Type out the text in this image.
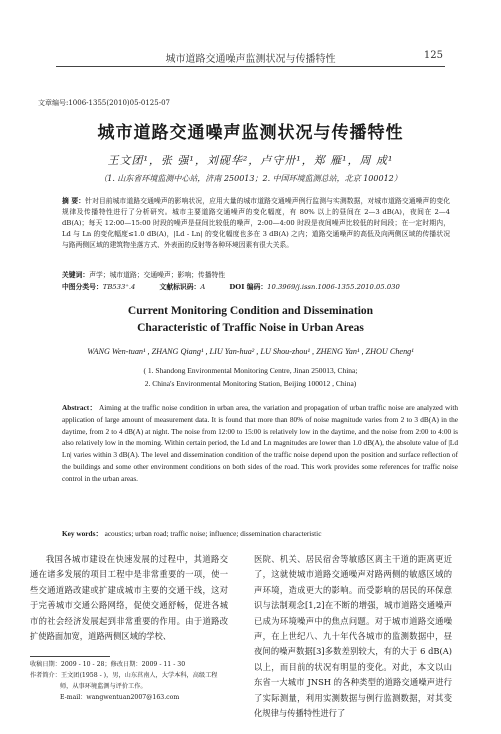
城市道路交通噪声监测状况与传播特性	125
文章编号:1006-1355(2010)05-0125-07
城市道路交通噪声监测状况与传播特性
王文团¹，张 强¹，刘砚华²，卢守卅¹，郑 雁¹，周 成¹
（1. 山东省环境监测中心站，济南 250013；2. 中国环境监测总站，北京 100012）
摘 要：针对目前城市道路交通噪声的影响状况，应用大量的城市道路交通噪声例行监测与实测数据，对城市道路交通噪声的变化规律及传播特性进行了分析研究。城市主要道路交通噪声的变化幅度，有 80% 以上的昼间在 2—3 dB(A)，夜间在 2—4 dB(A)；每天 12:00—15:00 时段的噪声是昼间比较低的噪声，2:00—4:00 时段是夜间噪声比较低的时间段；在一定时期内，Ld 与 Ln 的变化幅度≤1.0 dB(A)，|Ld - Ln| 的变化幅度也多在 3 dB(A) 之内；道路交通噪声的高低及向两侧区域的传播状况与路两侧区域的建筑物坐落方式、外表面的反射等各种环境因素有很大关系。
关键词：声学；城市道路；交通噪声；影响；传播特性
中图分类号：TB533⁺.4	文献标识码：A	DOI 编码：10.3969/j.issn.1006-1355.2010.05.030
Current Monitoring Condition and Dissemination
Characteristic of Traffic Noise in Urban Areas
WANG Wen-tuan¹ , ZHANG Qiang¹ , LIU Yan-hua² , LU Shou-zhou¹ , ZHENG Yan¹ , ZHOU Cheng¹
( 1. Shandong Environmental Monitoring Centre, Jinan 250013, China;
2. China's Environmental Monitoring Station, Beijing 100012 , China)
Abstract： Aiming at the traffic noise condition in urban area, the variation and propagation of urban traffic noise are analyzed with application of large amount of measurement data. It is found that more than 80% of noise magnitude varies from 2 to 3 dB(A) in the daytime, from 2 to 4 dB(A) at night. The noise from 12:00 to 15:00 is relatively low in the daytime, and the noise from 2:00 to 4:00 is also relatively low in the morning. Within certain period, the Ld and Ln magnitudes are lower than 1.0 dB(A), the absolute value of |Ld Ln| varies within 3 dB(A). The level and dissemination condition of the traffic noise depend upon the position and surface reflection of the buildings and some other environment conditions on both sides of the road. This work provides some references for traffic noise control in the urban areas.
Key words： acoustics; urban road; traffic noise; influence; dissemination characteristic

我国各城市建设在快速发展的过程中，其道路交通在诸多发展的项目工程中是非常重要的一项，使一些交通道路改建或扩建成城市主要的交通干线，这对于完善城市交通公路网络，促使交通舒畅，促进各城市的社会经济发展起到非常重要的作用。由于道路改扩使路面加宽，道路两侧区域的学校、

医院、机关、居民宿舍等敏感区离主干道的距离更近了，这就使城市道路交通噪声对路两侧的敏感区域的声环境，造成更大的影响。而受影响的居民的环保意识与法制观念[1,2]在不断的增强，城市道路交通噪声已成为环境噪声中的焦点问题。对于城市道路交通噪声，在上世纪八、九十年代各城市的监测数据中，昼夜间的噪声数据[3]多数差别较大，有的大于 6 dB(A) 以上，而目前的状况有明显的变化。对此，本文以山东省一大城市 JNSH 的各种类型的道路交通噪声进行了实际测量，利用实测数据与例行监测数据，对其变化规律与传播特性进行了

收稿日期：2009 - 10 - 28；修改日期：2009 - 11 - 30
作者简介：王文团(1958 - )，男，山东莒南人，大学本科，高级工程
师，从事环境监测与评价工作。
E-mail：wangwentuan2007@163.com
